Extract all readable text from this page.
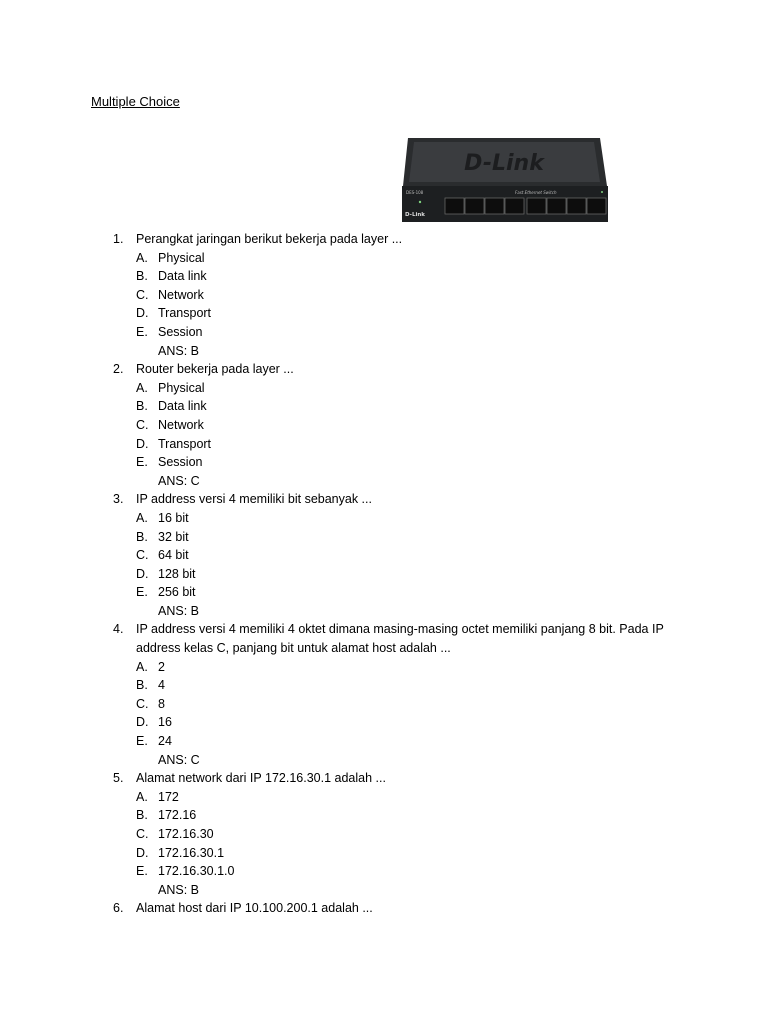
Multiple Choice
D-Link
DES-108	Fast Ethernet Switch
D-Link
1. Perangkat jaringan berikut bekerja pada layer ...
A. Physical
B. Data link
C. Network
D. Transport
E. Session
ANS: B
2. Router bekerja pada layer ...
A. Physical
B. Data link
C. Network
D. Transport
E. Session
ANS: C
3. IP address versi 4 memiliki bit sebanyak ...
A. 16 bit
B. 32 bit
C. 64 bit
D. 128 bit
E. 256 bit
ANS: B
4. IP address versi 4 memiliki 4 oktet dimana masing-masing octet memiliki panjang 8 bit. Pada IP
address kelas C, panjang bit untuk alamat host adalah ...
A. 2
B. 4
C. 8
D. 16
E. 24
ANS: C
5. Alamat network dari IP 172.16.30.1 adalah ...
A. 172
B. 172.16
C. 172.16.30
D. 172.16.30.1
E. 172.16.30.1.0
ANS: B
6. Alamat host dari IP 10.100.200.1 adalah ...
